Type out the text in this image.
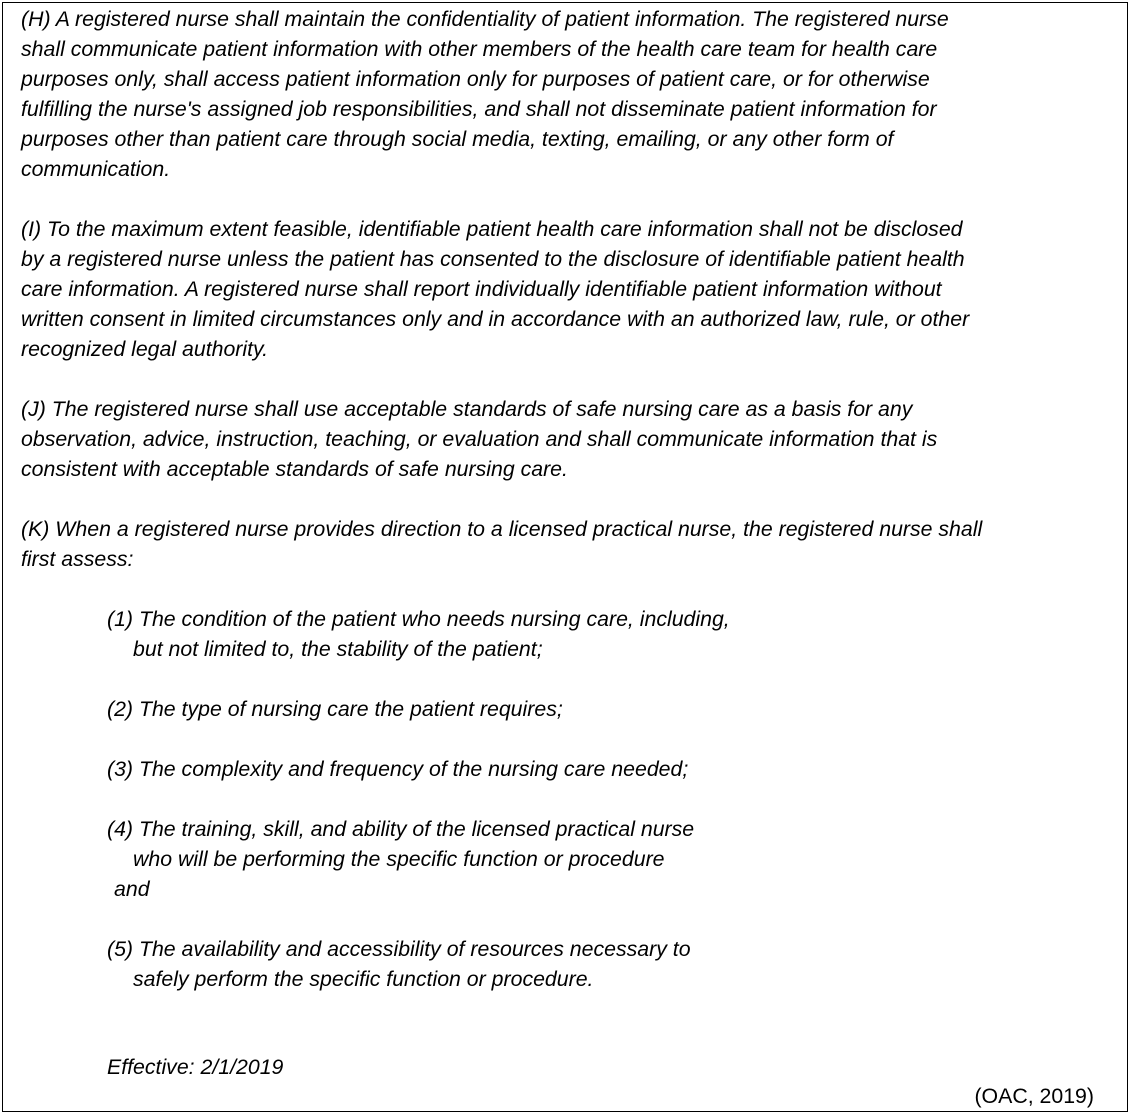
(H) A registered nurse shall maintain the confidentiality of patient information. The registered nurse
shall communicate patient information with other members of the health care team for health care
purposes only, shall access patient information only for purposes of patient care, or for otherwise
fulfilling the nurse's assigned job responsibilities, and shall not disseminate patient information for
purposes other than patient care through social media, texting, emailing, or any other form of
communication.

(I) To the maximum extent feasible, identifiable patient health care information shall not be disclosed
by a registered nurse unless the patient has consented to the disclosure of identifiable patient health
care information. A registered nurse shall report individually identifiable patient information without
written consent in limited circumstances only and in accordance with an authorized law, rule, or other
recognized legal authority.

(J) The registered nurse shall use acceptable standards of safe nursing care as a basis for any
observation, advice, instruction, teaching, or evaluation and shall communicate information that is
consistent with acceptable standards of safe nursing care.

(K) When a registered nurse provides direction to a licensed practical nurse, the registered nurse shall
first assess:

(1) The condition of the patient who needs nursing care, including,
but not limited to, the stability of the patient;
(2) The type of nursing care the patient requires;
(3) The complexity and frequency of the nursing care needed;
(4) The training, skill, and ability of the licensed practical nurse
who will be performing the specific function or procedure
and
(5) The availability and accessibility of resources necessary to
safely perform the specific function or procedure.
Effective: 2/1/2019
(OAC, 2019)
